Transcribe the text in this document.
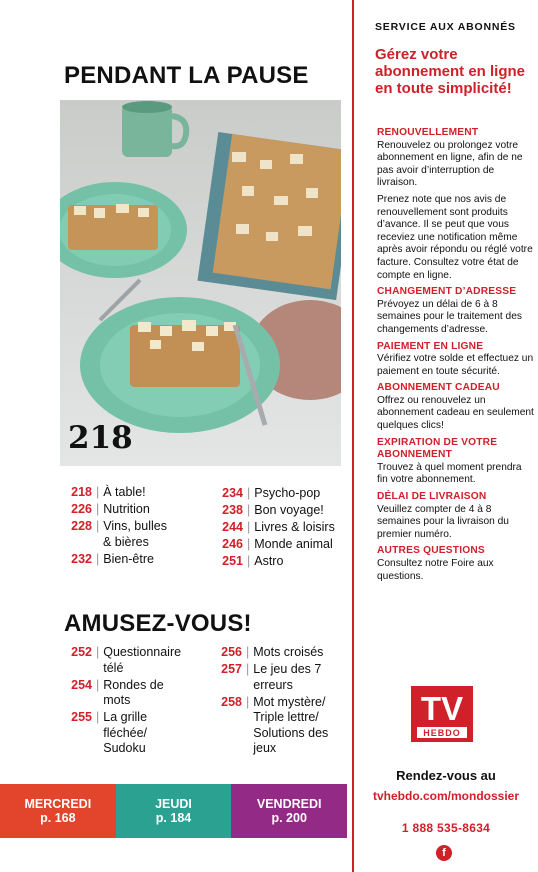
PENDANT LA PAUSE
218
218 | À table!
226 | Nutrition
228 | Vins, bulles
& bières
232 | Bien-être
234 | Psycho-pop
238 | Bon voyage!
244 | Livres & loisirs
246 | Monde animal
251 | Astro
AMUSEZ-VOUS!
252 | Questionnaire télé
254 | Rondes de mots
255 | La grille fléchée/ Sudoku
256 | Mots croisés
257 | Le jeu des 7 erreurs
258 | Mot mystère/ Triple lettre/ Solutions des jeux
MERCREDI
p. 168
JEUDI
p. 184
VENDREDI
p. 200
SERVICE AUX ABONNÉS
Gérez votre abonnement en ligne en toute simplicité!

RENOUVELLEMENT
Renouvelez ou prolongez votre abonnement en ligne, afin de ne pas avoir d’interruption de livraison.

Prenez note que nos avis de renouvellement sont produits d’avance. Il se peut que vous receviez une notification même après avoir répondu ou réglé votre facture. Consultez votre état de compte en ligne.

CHANGEMENT D’ADRESSE
Prévoyez un délai de 6 à 8 semaines pour le traitement des changements d’adresse.

PAIEMENT EN LIGNE
Vérifiez votre solde et effectuez un paiement en toute sécurité.

ABONNEMENT CADEAU
Offrez ou renouvelez un abonnement cadeau en seulement quelques clics!

EXPIRATION DE VOTRE ABONNEMENT
Trouvez à quel moment prendra fin votre abonnement.

DÉLAI DE LIVRAISON
Veuillez compter de 4 à 8 semaines pour la livraison du premier numéro.

AUTRES QUESTIONS
Consultez notre Foire aux questions.

TV
HEBDO
Rendez-vous au
tvhebdo.com/mondossier
1 888 535-8634
f
